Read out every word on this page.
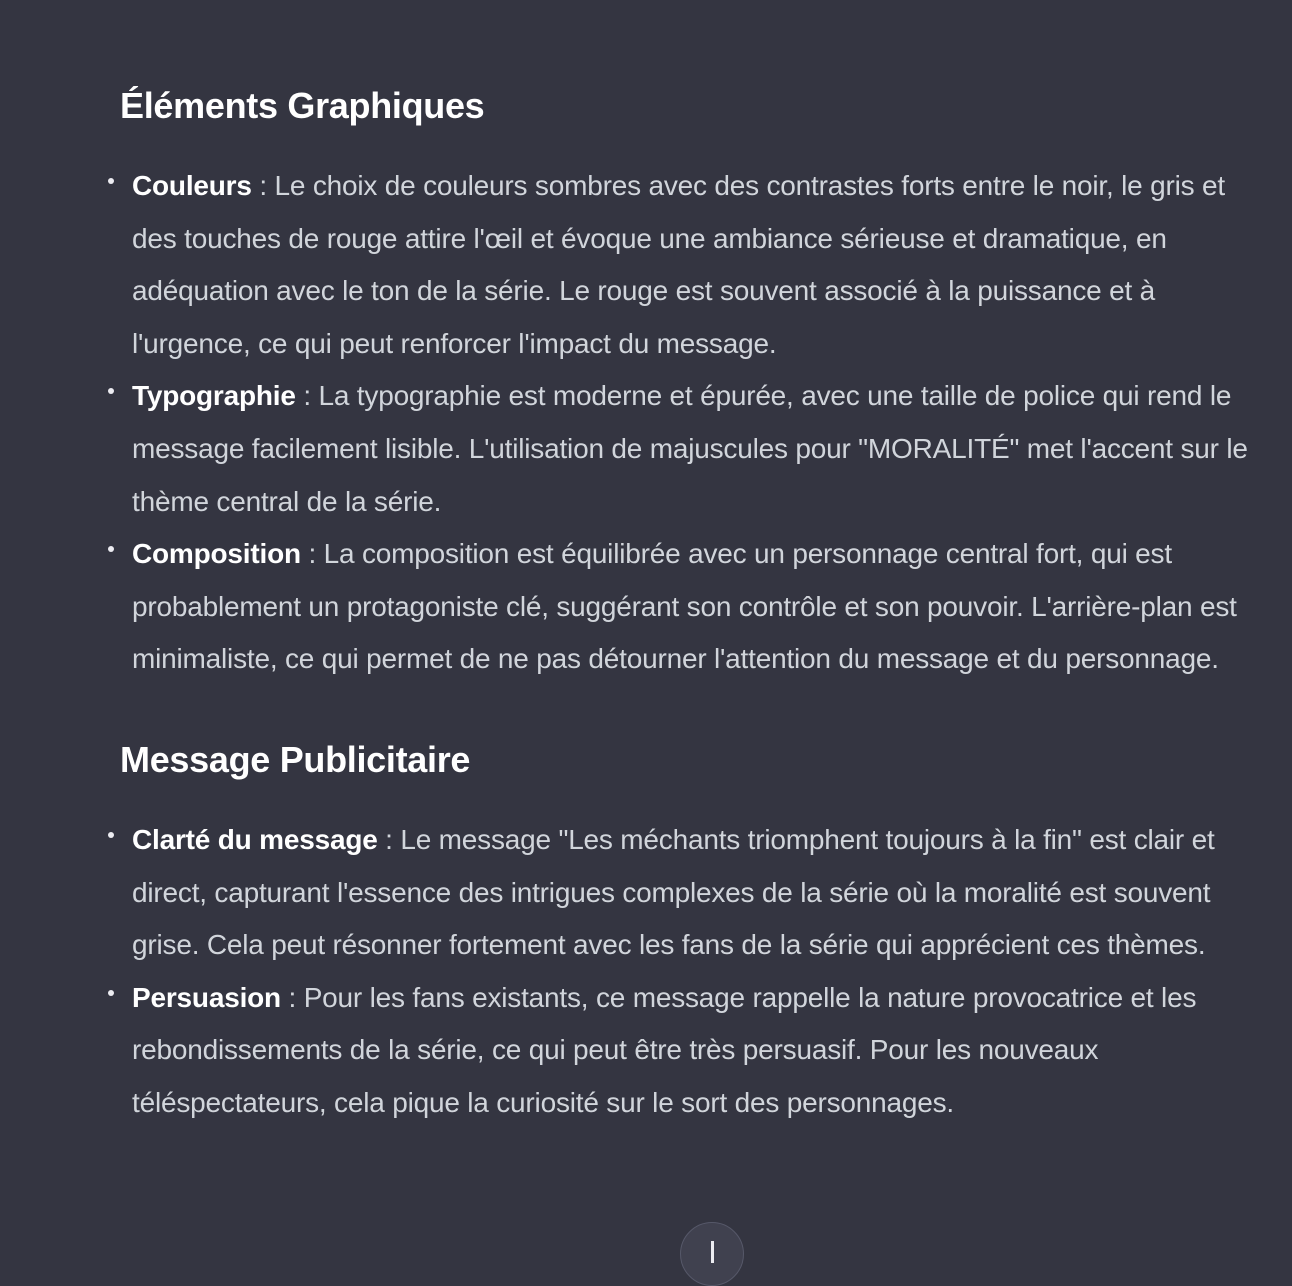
Éléments Graphiques
Couleurs : Le choix de couleurs sombres avec des contrastes forts entre le noir, le gris et des touches de rouge attire l'œil et évoque une ambiance sérieuse et dramatique, en adéquation avec le ton de la série. Le rouge est souvent associé à la puissance et à l'urgence, ce qui peut renforcer l'impact du message.
Typographie : La typographie est moderne et épurée, avec une taille de police qui rend le message facilement lisible. L'utilisation de majuscules pour "MORALITÉ" met l'accent sur le thème central de la série.
Composition : La composition est équilibrée avec un personnage central fort, qui est probablement un protagoniste clé, suggérant son contrôle et son pouvoir. L'arrière-plan est minimaliste, ce qui permet de ne pas détourner l'attention du message et du personnage.
Message Publicitaire
Clarté du message : Le message "Les méchants triomphent toujours à la fin" est clair et direct, capturant l'essence des intrigues complexes de la série où la moralité est souvent grise. Cela peut résonner fortement avec les fans de la série qui apprécient ces thèmes.
Persuasion : Pour les fans existants, ce message rappelle la nature provocatrice et les rebondissements de la série, ce qui peut être très persuasif. Pour les nouveaux téléspectateurs, cela pique la curiosité sur le sort des personnages.
